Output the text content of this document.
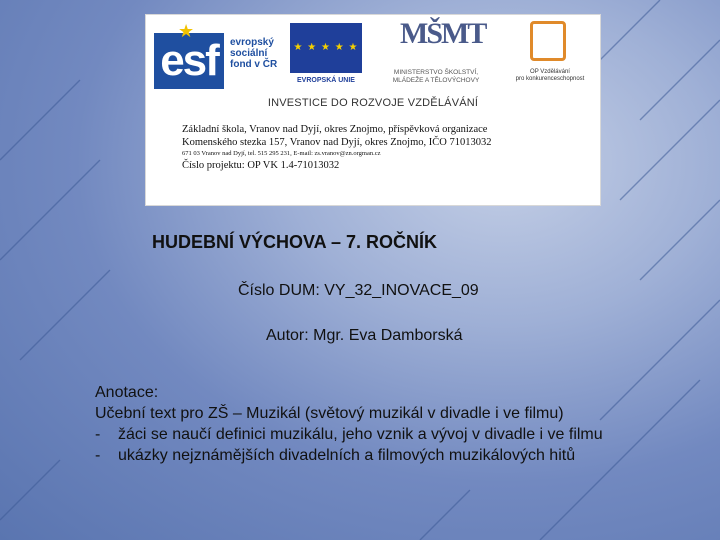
esf
★
evropský
sociální
fond v ČR
★ ★ ★ ★ ★
EVROPSKÁ UNIE
MŠMT
MINISTERSTVO ŠKOLSTVÍ,
MLÁDEŽE A TĚLOVÝCHOVY
OP Vzdělávání
pro konkurenceschopnost
INVESTICE DO ROZVOJE VZDĚLÁVÁNÍ
Základní škola, Vranov nad Dyjí, okres Znojmo, příspěvková organizace
Komenského stezka 157, Vranov nad Dyjí, okres Znojmo, IČO 71013032
671 03 Vranov nad Dyjí, tel. 515 295 231, E-mail: zs.vranov@zn.orgman.cz
Číslo projektu: OP VK 1.4-71013032
HUDEBNÍ VÝCHOVA – 7. ROČNÍK
Číslo DUM: VY_32_INOVACE_09
Autor: Mgr. Eva Damborská
Anotace:
Učební text pro ZŠ – Muzikál (světový muzikál v divadle i ve filmu)
- žáci se naučí definici muzikálu, jeho vznik a vývoj v divadle i ve filmu
- ukázky nejznámějších divadelních a filmových muzikálových hitů
